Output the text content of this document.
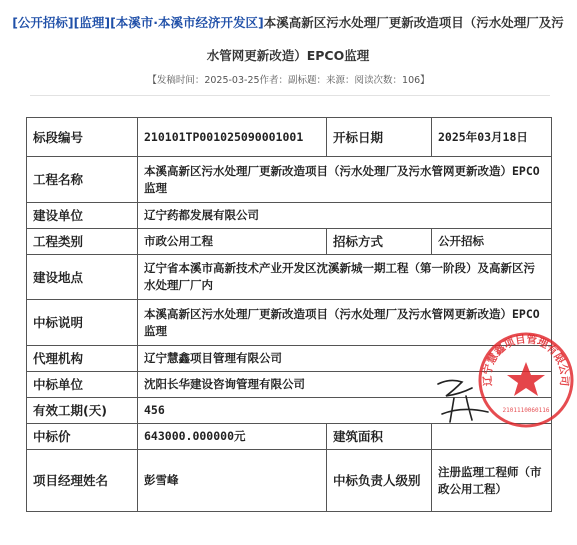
[公开招标][监理][本溪市·本溪市经济开发区]本溪高新区污水处理厂更新改造项目（污水处理厂及污水管网更新改造）EPCO监理
【发稿时间：2025-03-25作者：副标题：来源：阅读次数：106】
标段编号	210101TP001025090001001	开标日期	2025年03月18日
工程名称	本溪高新区污水处理厂更新改造项目（污水处理厂及污水管网更新改造）EPCO监理		
建设单位	辽宁药都发展有限公司		
工程类别	市政公用工程	招标方式	公开招标
建设地点	辽宁省本溪市高新技术产业开发区沈溪新城一期工程（第一阶段）及高新区污水处理厂厂内		
中标说明	本溪高新区污水处理厂更新改造项目（污水处理厂及污水管网更新改造）EPCO监理		
代理机构	辽宁慧鑫项目管理有限公司		
中标单位	沈阳长华建设咨询管理有限公司		
有效工期(天)	456		
中标价	643000.000000元	建筑面积	
项目经理姓名	彭雪峰	中标负责人级别	注册监理工程师（市政公用工程）
辽宁慧鑫项目管理有限公司
2101110060116
